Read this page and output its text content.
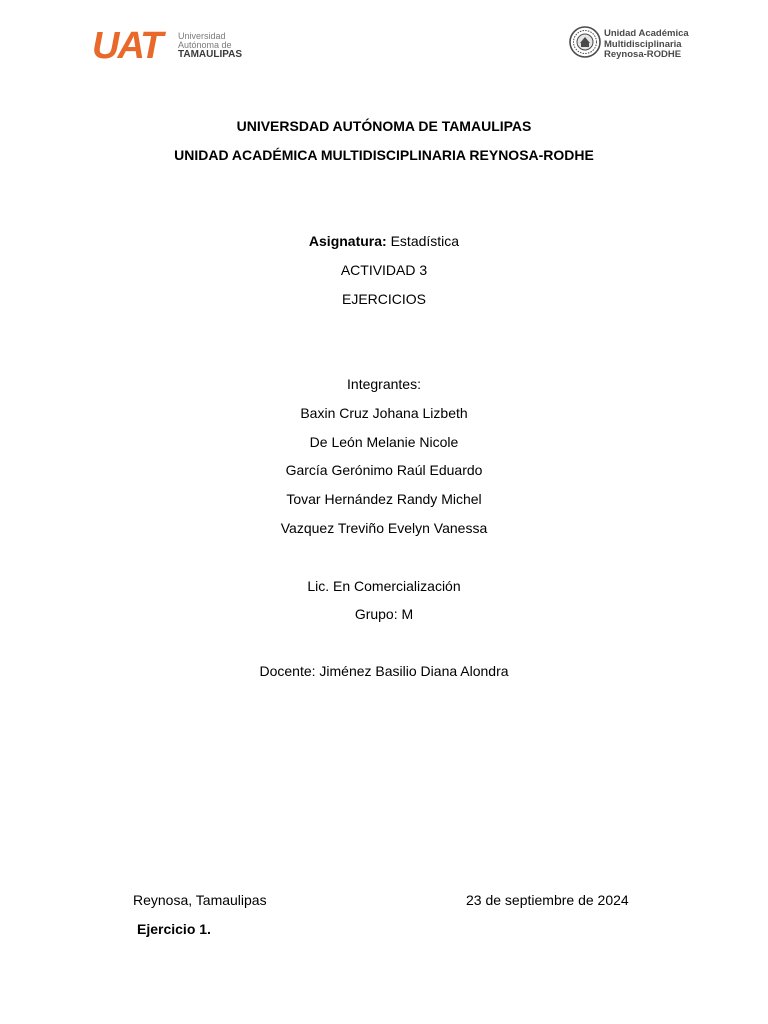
UAT Universidad
Autónoma de
TAMAULIPAS
Unidad Académica
Multidisciplinaria
Reynosa-RODHE
UNIVERSDAD AUTÓNOMA DE TAMAULIPAS
UNIDAD ACADÉMICA MULTIDISCIPLINARIA REYNOSA-RODHE
Asignatura: Estadística
ACTIVIDAD 3
EJERCICIOS
Integrantes:
Baxin Cruz Johana Lizbeth
De León Melanie Nicole
García Gerónimo Raúl Eduardo
Tovar Hernández Randy Michel
Vazquez Treviño Evelyn Vanessa
Lic. En Comercialización
Grupo: M
Docente: Jiménez Basilio Diana Alondra
Reynosa, Tamaulipas	23 de septiembre de 2024
Ejercicio 1.
